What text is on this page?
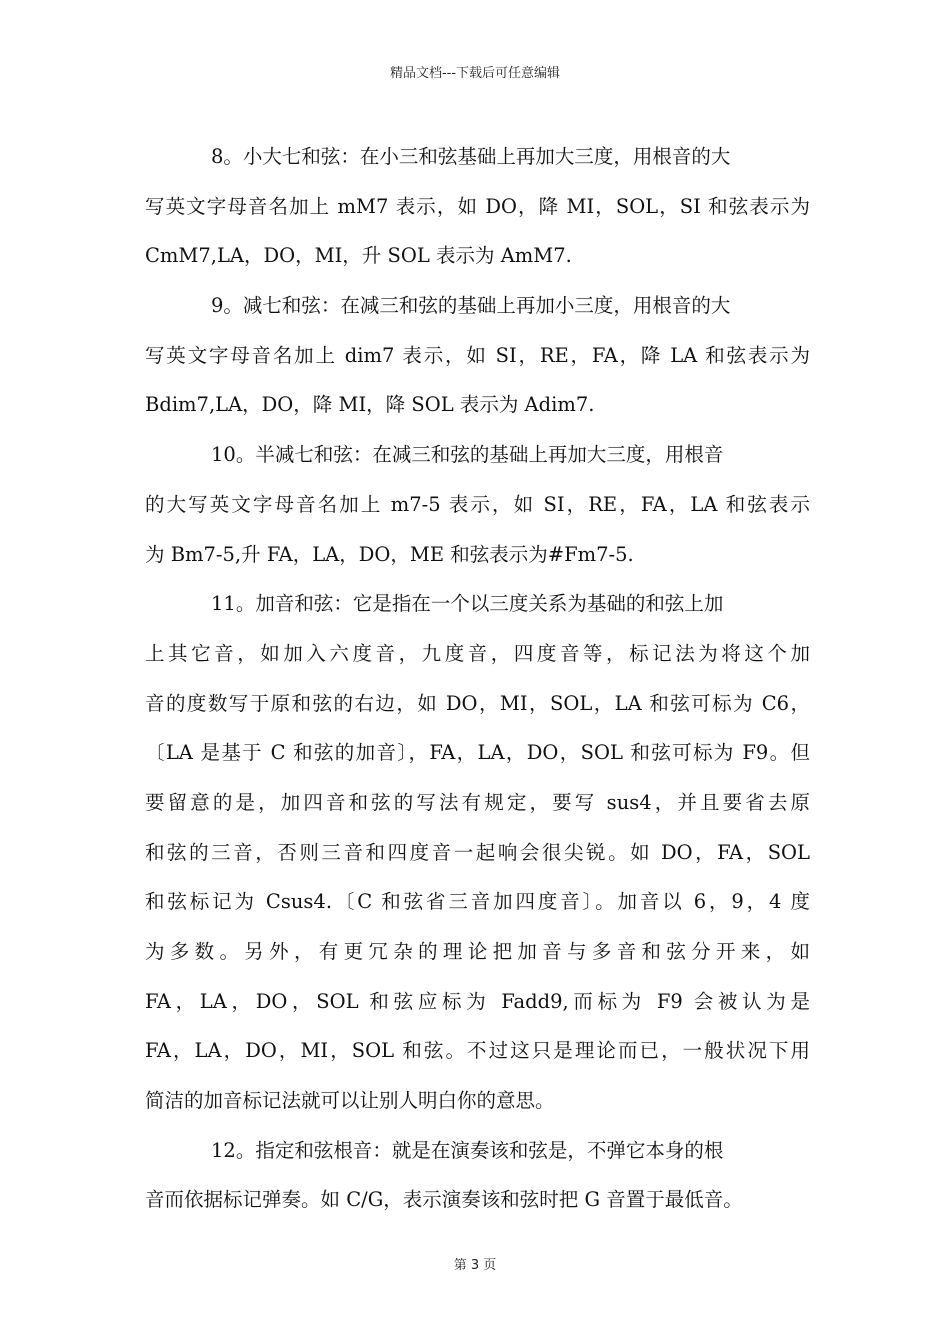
精品文档---下载后可任意编辑
8。小大七和弦：在小三和弦基础上再加大三度，用根音的大
写英文字母音名加上 mM7 表示，如 DO，降 MI，SOL，SI 和弦表示为
CmM7,LA，DO，MI，升 SOL 表示为 AmM7.
9。减七和弦：在减三和弦的基础上再加小三度，用根音的大
写英文字母音名加上 dim7 表示，如 SI，RE，FA，降 LA 和弦表示为
Bdim7,LA，DO，降 MI，降 SOL 表示为 Adim7.
10。半减七和弦：在减三和弦的基础上再加大三度，用根音
的大写英文字母音名加上 m7-5 表示，如 SI，RE，FA，LA 和弦表示
为 Bm7-5,升 FA，LA，DO，ME 和弦表示为#Fm7-5.
11。加音和弦：它是指在一个以三度关系为基础的和弦上加
上其它音，如加入六度音，九度音，四度音等，标记法为将这个加
音的度数写于原和弦的右边，如 DO，MI，SOL，LA 和弦可标为 C6，
〔LA 是基于 C 和弦的加音〕，FA，LA，DO，SOL 和弦可标为 F9。但
要留意的是，加四音和弦的写法有规定，要写 sus4，并且要省去原
和弦的三音，否则三音和四度音一起响会很尖锐。如 DO，FA，SOL
和弦标记为 Csus4.〔C 和弦省三音加四度音〕。加音以 6，9，4 度
为多数。另外，有更冗杂的理论把加音与多音和弦分开来，如
FA，LA，DO，SOL 和弦应标为 Fadd9,而标为 F9 会被认为是
FA，LA，DO，MI，SOL 和弦。不过这只是理论而已，一般状况下用
简洁的加音标记法就可以让别人明白你的意思。
12。指定和弦根音：就是在演奏该和弦是，不弹它本身的根
音而依据标记弹奏。如 C/G，表示演奏该和弦时把 G 音置于最低音。
第 3 页
